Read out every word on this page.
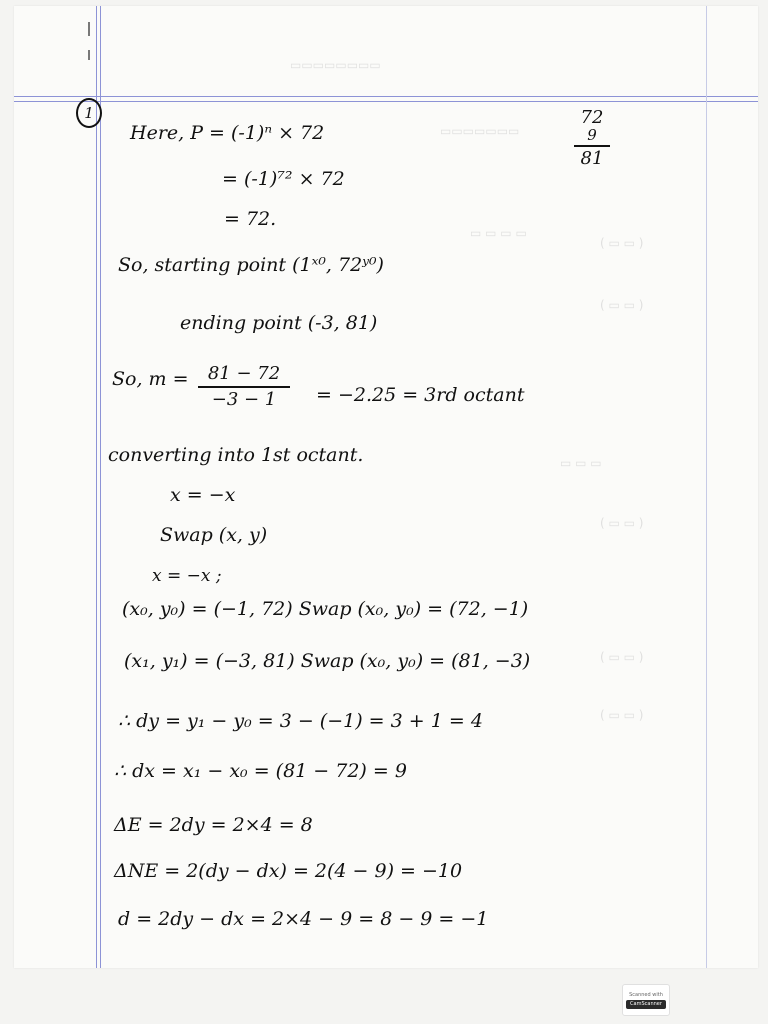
▭▭▭▭▭▭▭▭
▭▭▭▭▭▭▭
▭ ▭ ▭ ▭
( ▭ ▭ )
( ▭ ▭ )
▭ ▭ ▭
( ▭ ▭ )
( ▭ ▭ )
( ▭ ▭ )
1	72
9
81
Here, P = (-1)ⁿ × 72
= (-1)⁷² × 72
= 72.
So, starting point (1ˣ⁰, 72ʸ⁰)
ending point (-3, 81)
So, m =	81 − 72
−3 − 1	= −2.25 = 3rd octant
converting into 1st octant.
x = −x
Swap (x, y)
x = −x ;
(x₀, y₀) = (−1, 72) Swap (x₀, y₀) = (72, −1)
(x₁, y₁) = (−3, 81) Swap (x₀, y₀) = (81, −3)
∴ dy = y₁ − y₀ = 3 − (−1) = 3 + 1 = 4
∴ dx = x₁ − x₀ = (81 − 72) = 9
ΔE = 2dy = 2×4 = 8
ΔNE = 2(dy − dx) = 2(4 − 9) = −10
d = 2dy − dx = 2×4 − 9 = 8 − 9 = −1
Scanned with
CamScanner
